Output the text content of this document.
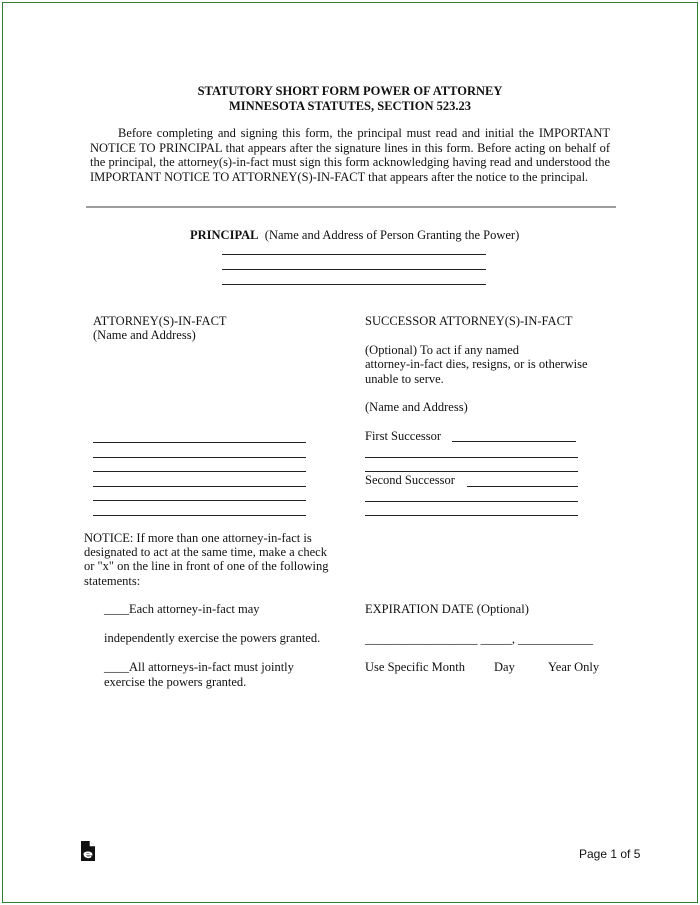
STATUTORY SHORT FORM POWER OF ATTORNEY
MINNESOTA STATUTES, SECTION 523.23
Before completing and signing this form, the principal must read and initial the IMPORTANT NOTICE TO PRINCIPAL that appears after the signature lines in this form. Before acting on behalf of the principal, the attorney(s)-in-fact must sign this form acknowledging having read and understood the IMPORTANT NOTICE TO ATTORNEY(S)-IN-FACT that appears after the notice to the principal.
PRINCIPAL (Name and Address of Person Granting the Power)
ATTORNEY(S)-IN-FACT
(Name and Address)
SUCCESSOR ATTORNEY(S)-IN-FACT
(Optional) To act if any named
attorney-in-fact dies, resigns, or is otherwise
unable to serve.
(Name and Address)
First Successor
Second Successor
NOTICE: If more than one attorney-in-fact is
designated to act at the same time, make a check
or "x" on the line in front of one of the following
statements:
____Each attorney-in-fact may
independently exercise the powers granted.
____All attorneys-in-fact must jointly
exercise the powers granted.
EXPIRATION DATE (Optional)
__________________ _____, ____________
Use Specific Month Day	Year Only
Page 1 of 5
